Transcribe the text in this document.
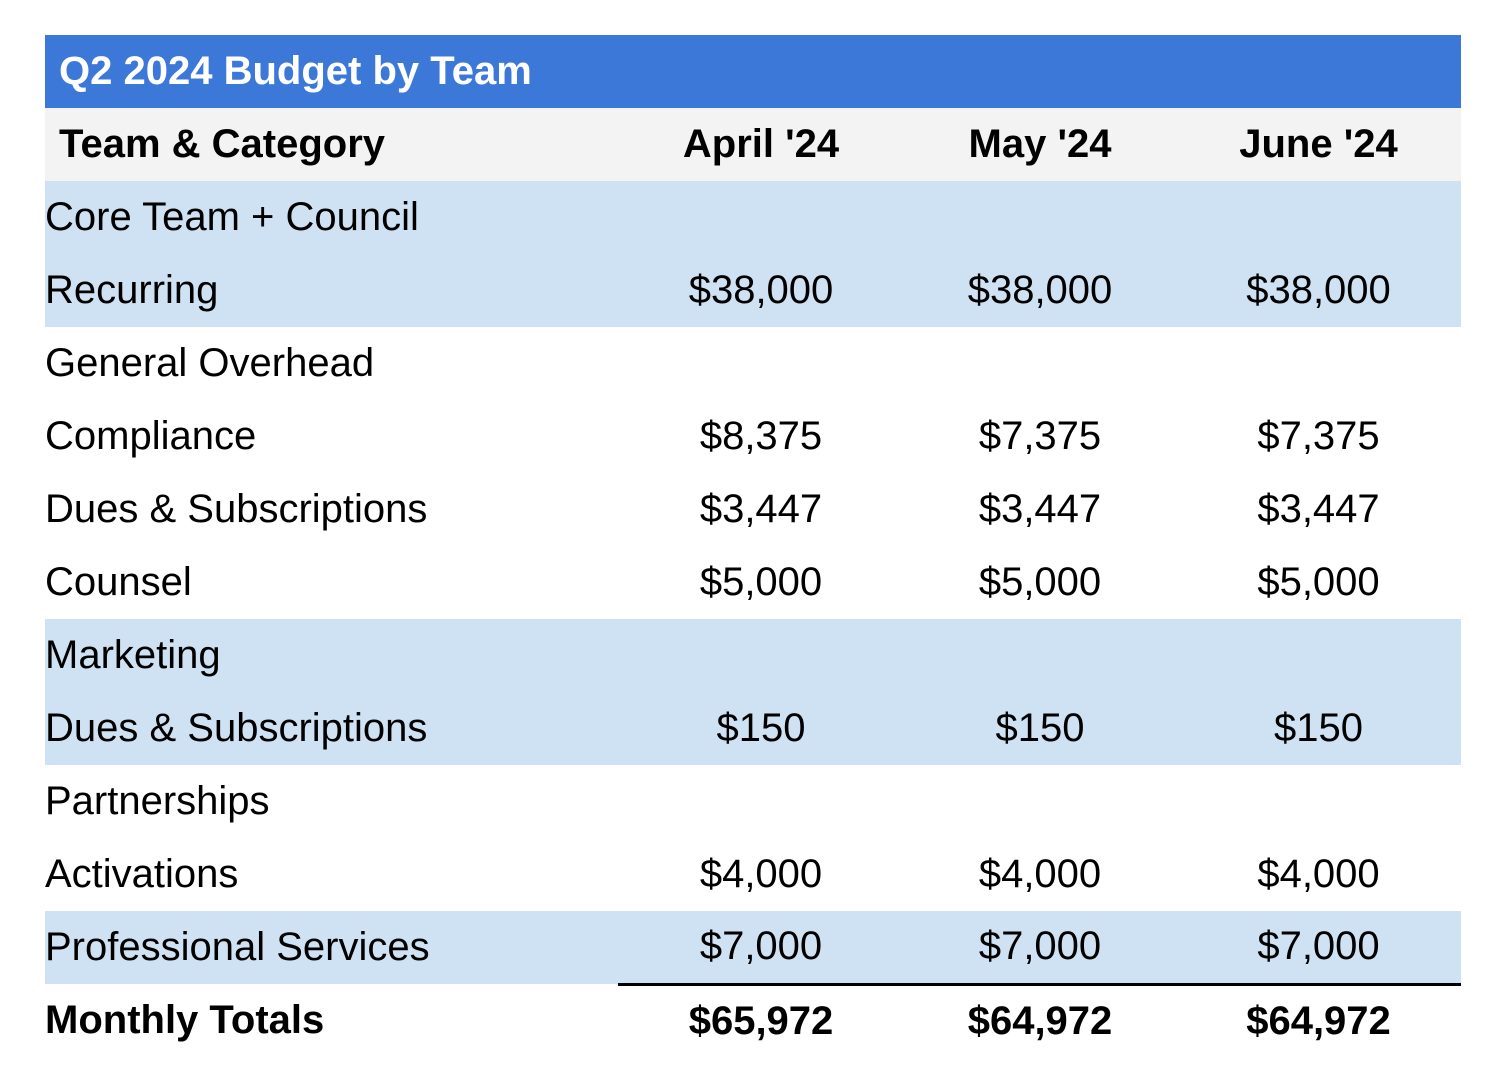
Q2 2024 Budget by Team
Team & Category	April '24	May '24	June '24
Core Team + Council			
Recurring	$38,000	$38,000	$38,000
General Overhead			
Compliance	$8,375	$7,375	$7,375
Dues & Subscriptions	$3,447	$3,447	$3,447
Counsel	$5,000	$5,000	$5,000
Marketing			
Dues & Subscriptions	$150	$150	$150
Partnerships			
Activations	$4,000	$4,000	$4,000
Professional Services	$7,000	$7,000	$7,000
Monthly Totals	$65,972	$64,972	$64,972
